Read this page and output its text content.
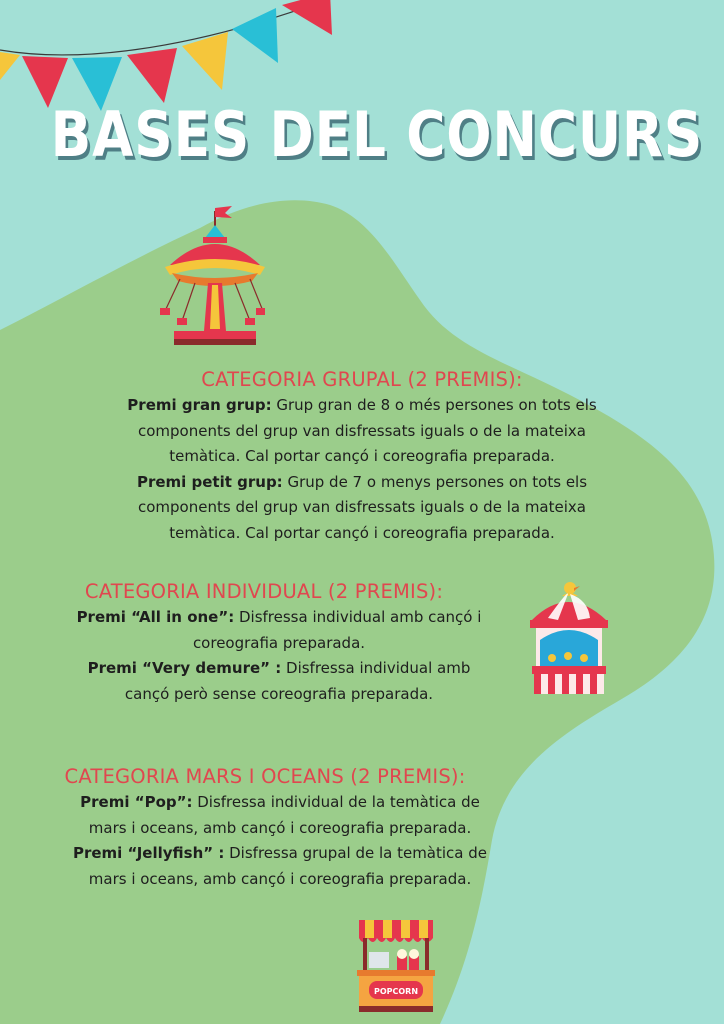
BASES DEL CONCURS
POPCORN
CATEGORIA GRUPAL (2 PREMIS):

Premi gran grup: Grup gran de 8 o més persones on tots els
components del grup van disfressats iguals o de la mateixa
temàtica. Cal portar cançó i coreografia preparada.
Premi petit grup: Grup de 7 o menys persones on tots els
components del grup van disfressats iguals o de la mateixa
temàtica. Cal portar cançó i coreografia preparada.

CATEGORIA INDIVIDUAL (2 PREMIS):

Premi “All in one”: Disfressa individual amb cançó i
coreografia preparada.
Premi “Very demure” : Disfressa individual amb
cançó però sense coreografia preparada.

CATEGORIA MARS I OCEANS (2 PREMIS):

Premi “Pop”: Disfressa individual de la temàtica de
mars i oceans, amb cançó i coreografia preparada.
Premi “Jellyfish” : Disfressa grupal de la temàtica de
mars i oceans, amb cançó i coreografia preparada.
